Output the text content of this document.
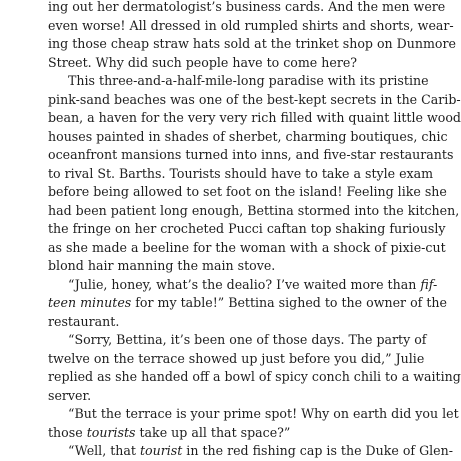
ing out her dermatologist’s business cards. And the men were
even worse! All dressed in old rumpled shirts and shorts, wear-
ing those cheap straw hats sold at the trinket shop on Dunmore
Street. Why did such people have to come here?
This three-and-a-half-mile-long paradise with its pristine
pink-sand beaches was one of the best-kept secrets in the Carib-
bean, a haven for the very very rich filled with quaint little wood
houses painted in shades of sherbet, charming boutiques, chic
oceanfront mansions turned into inns, and five-star restaurants
to rival St. Barths. Tourists should have to take a style exam
before being allowed to set foot on the island! Feeling like she
had been patient long enough, Bettina stormed into the kitchen,
the fringe on her crocheted Pucci caftan top shaking furiously
as she made a beeline for the woman with a shock of pixie-cut
blond hair manning the main stove.
“Julie, honey, what’s the dealio? I’ve waited more than fif-
teen minutes for my table!” Bettina sighed to the owner of the
restaurant.
“Sorry, Bettina, it’s been one of those days. The party of
twelve on the terrace showed up just before you did,” Julie
replied as she handed off a bowl of spicy conch chili to a waiting
server.
“But the terrace is your prime spot! Why on earth did you let
those tourists take up all that space?”
“Well, that tourist in the red fishing cap is the Duke of Glen-
